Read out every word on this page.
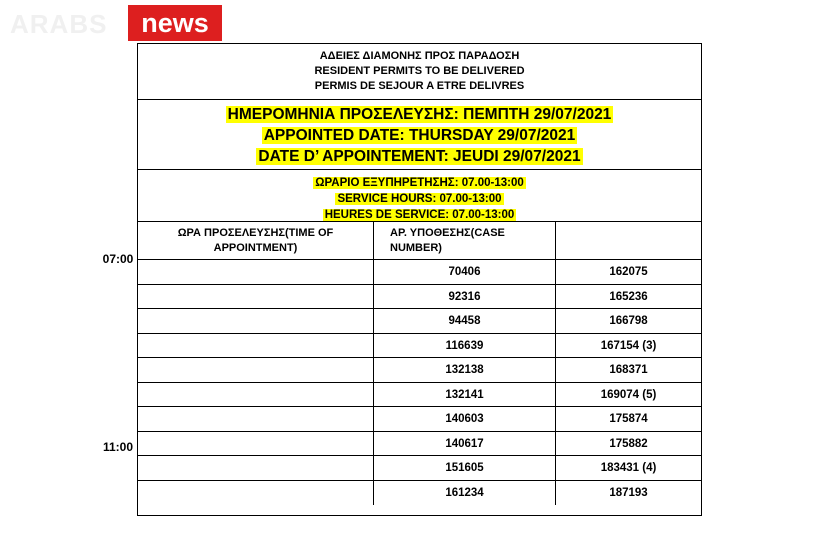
ARABS	news
ΑΔΕΙΕΣ ΔΙΑΜΟΝΗΣ ΠΡΟΣ ΠΑΡΑΔΟΣΗ
RESIDENT PERMITS TO BE DELIVERED
PERMIS DE SEJOUR A ETRE DELIVRES
ΗΜΕΡΟΜΗΝΙΑ ΠΡΟΣΕΛΕΥΣΗΣ: ΠΕΜΠΤΗ 29/07/2021
APPOINTED DATE: THURSDAY 29/07/2021
DATE D’ APPOINTEMENT: JEUDI 29/07/2021
ΩΡΑΡΙΟ ΕΞΥΠΗΡΕΤΗΣΗΣ: 07.00-13:00
SERVICE HOURS: 07.00-13:00
HEURES DE SERVICE: 07.00-13:00
ΩΡΑ ΠΡΟΣΕΛΕΥΣΗΣ(TIME OF
APPOINTMENT)
ΑΡ. ΥΠΟΘΕΣΗΣ(CASE
NUMBER)
70406	162075
92316	165236
94458	166798
116639	167154 (3)
132138	168371
132141	169074 (5)
140603	175874
140617	175882
151605	183431 (4)
161234	187193
07:00
11:00
